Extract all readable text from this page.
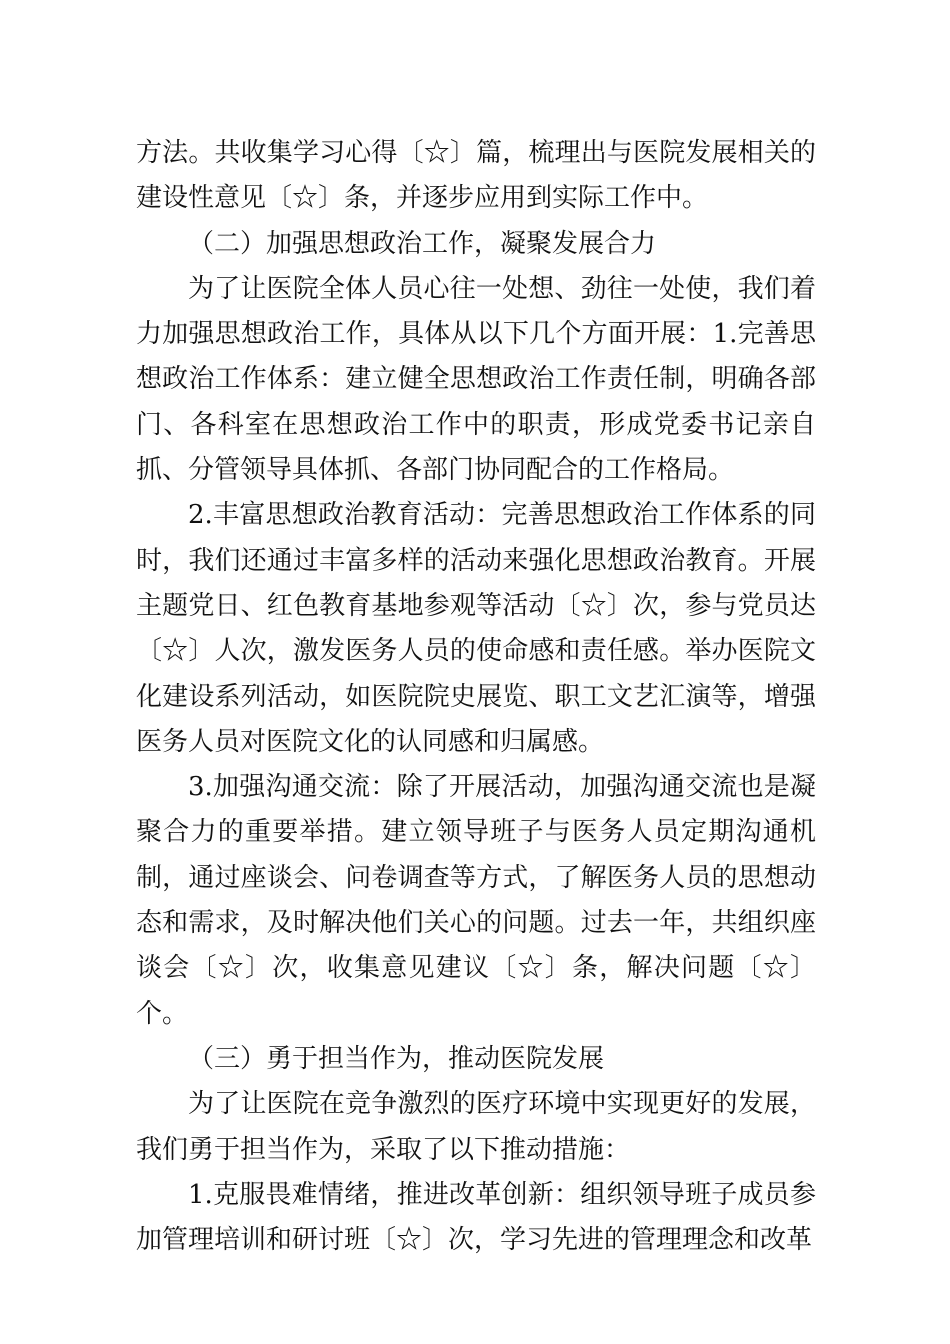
方法。共收集学习心得〔☆〕篇，梳理出与医院发展相关的建设性意见〔☆〕条，并逐步应用到实际工作中。

（二）加强思想政治工作，凝聚发展合力

为了让医院全体人员心往一处想、劲往一处使，我们着力加强思想政治工作，具体从以下几个方面开展：1.完善思想政治工作体系：建立健全思想政治工作责任制，明确各部门、各科室在思想政治工作中的职责，形成党委书记亲自抓、分管领导具体抓、各部门协同配合的工作格局。

2.丰富思想政治教育活动：完善思想政治工作体系的同时，我们还通过丰富多样的活动来强化思想政治教育。开展主题党日、红色教育基地参观等活动〔☆〕次，参与党员达〔☆〕人次，激发医务人员的使命感和责任感。举办医院文化建设系列活动，如医院院史展览、职工文艺汇演等，增强医务人员对医院文化的认同感和归属感。

3.加强沟通交流：除了开展活动，加强沟通交流也是凝聚合力的重要举措。建立领导班子与医务人员定期沟通机制，通过座谈会、问卷调查等方式，了解医务人员的思想动态和需求，及时解决他们关心的问题。过去一年，共组织座谈会〔☆〕次，收集意见建议〔☆〕条，解决问题〔☆〕个。

（三）勇于担当作为，推动医院发展

为了让医院在竞争激烈的医疗环境中实现更好的发展，我们勇于担当作为，采取了以下推动措施：

1.克服畏难情绪，推进改革创新：组织领导班子成员参加管理培训和研讨班〔☆〕次，学习先进的管理理念和改革
